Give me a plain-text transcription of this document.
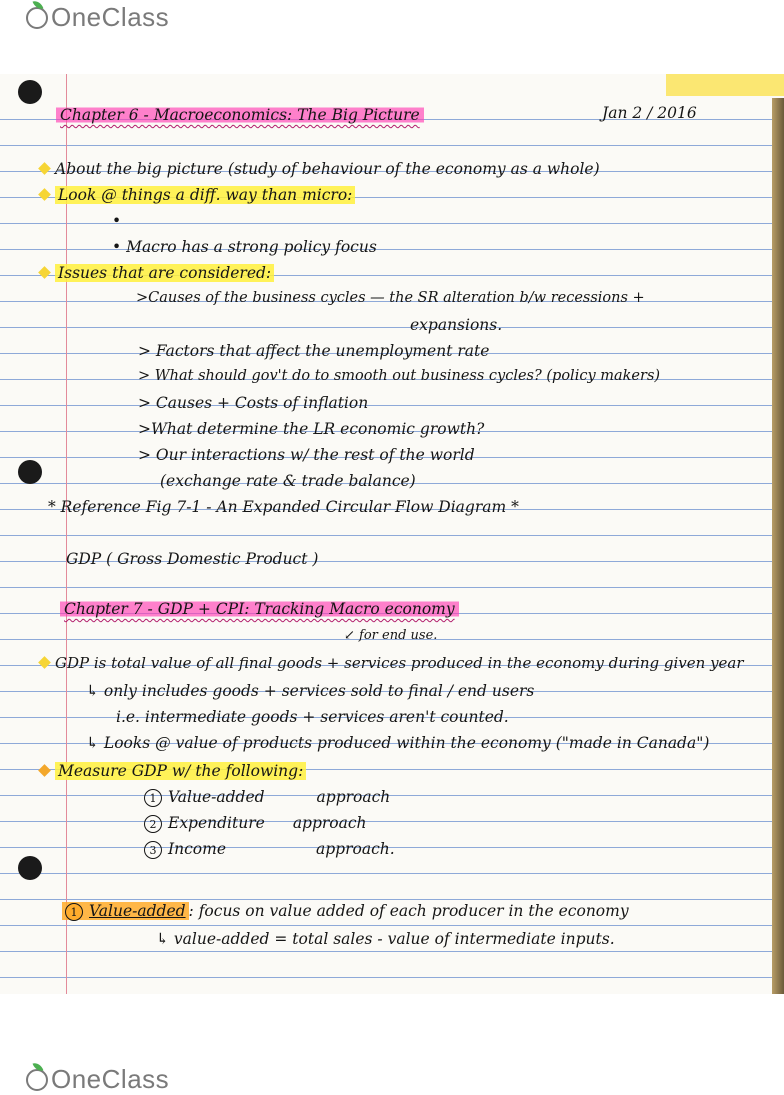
OneClass
Chapter 6 - Macroeconomics: The Big Picture	Jan 2 / 2016
About the big picture (study of behaviour of the economy as a whole)
Look @ things a diff. way than micro:
•
• Macro has a strong policy focus
Issues that are considered:
>Causes of the business cycles — the SR alteration b/w recessions +
expansions.
> Factors that affect the unemployment rate
> What should gov't do to smooth out business cycles? (policy makers)
> Causes + Costs of inflation
>What determine the LR economic growth?
> Our interactions w/ the rest of the world
(exchange rate & trade balance)
* Reference Fig 7-1 - An Expanded Circular Flow Diagram *
GDP ( Gross Domestic Product )
Chapter 7 - GDP + CPI: Tracking Macro economy
↙ for end use.
GDP is total value of all final goods + services produced in the economy during given year
↳ only includes goods + services sold to final / end users
i.e. intermediate goods + services aren't counted.
↳ Looks @ value of products produced within the economy ("made in Canada")
Measure GDP w/ the following:
1 Value-added	approach
2 Expenditure approach
3 Income	approach.
1 Value-added : focus on value added of each producer in the economy
↳ value-added = total sales - value of intermediate inputs.
OneClass
